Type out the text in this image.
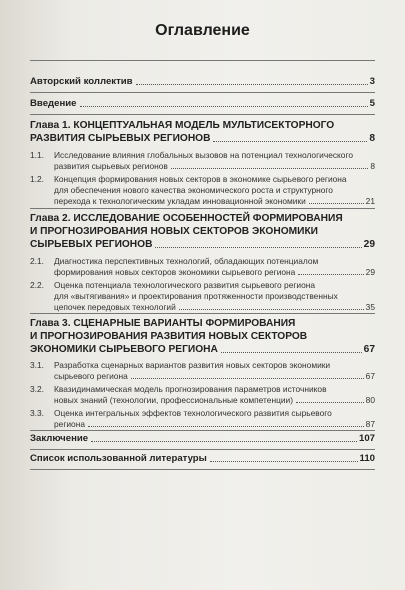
Оглавление
Авторский коллектив	3
Введение	5
Глава 1. КОНЦЕПТУАЛЬНАЯ МОДЕЛЬ МУЛЬТИСЕКТОРНОГО
РАЗВИТИЯ СЫРЬЕВЫХ РЕГИОНОВ	8
1.1.	Исследование влияния глобальных вызовов на потенциал технологического
развития сырьевых регионов	8
1.2.	Концепция формирования новых секторов в экономике сырьевого региона
для обеспечения нового качества экономического роста и структурного
перехода к технологическим укладам инновационной экономики	21
Глава 2. ИССЛЕДОВАНИЕ ОСОБЕННОСТЕЙ ФОРМИРОВАНИЯ
И ПРОГНОЗИРОВАНИЯ НОВЫХ СЕКТОРОВ ЭКОНОМИКИ
СЫРЬЕВЫХ РЕГИОНОВ	29
2.1.	Диагностика перспективных технологий, обладающих потенциалом
формирования новых секторов экономики сырьевого региона	29
2.2.	Оценка потенциала технологического развития сырьевого региона
для «вытягивания» и проектирования протяженности производственных
цепочек передовых технологий	35
Глава 3. СЦЕНАРНЫЕ ВАРИАНТЫ ФОРМИРОВАНИЯ
И ПРОГНОЗИРОВАНИЯ РАЗВИТИЯ НОВЫХ СЕКТОРОВ
ЭКОНОМИКИ СЫРЬЕВОГО РЕГИОНА	67
3.1.	Разработка сценарных вариантов развития новых секторов экономики
сырьевого региона	67
3.2.	Квазидинамическая модель прогнозирования параметров источников
новых знаний (технологии, профессиональные компетенции)	80
3.3.	Оценка интегральных эффектов технологического развития сырьевого
региона	87
Заключение	107
Список использованной литературы	110
